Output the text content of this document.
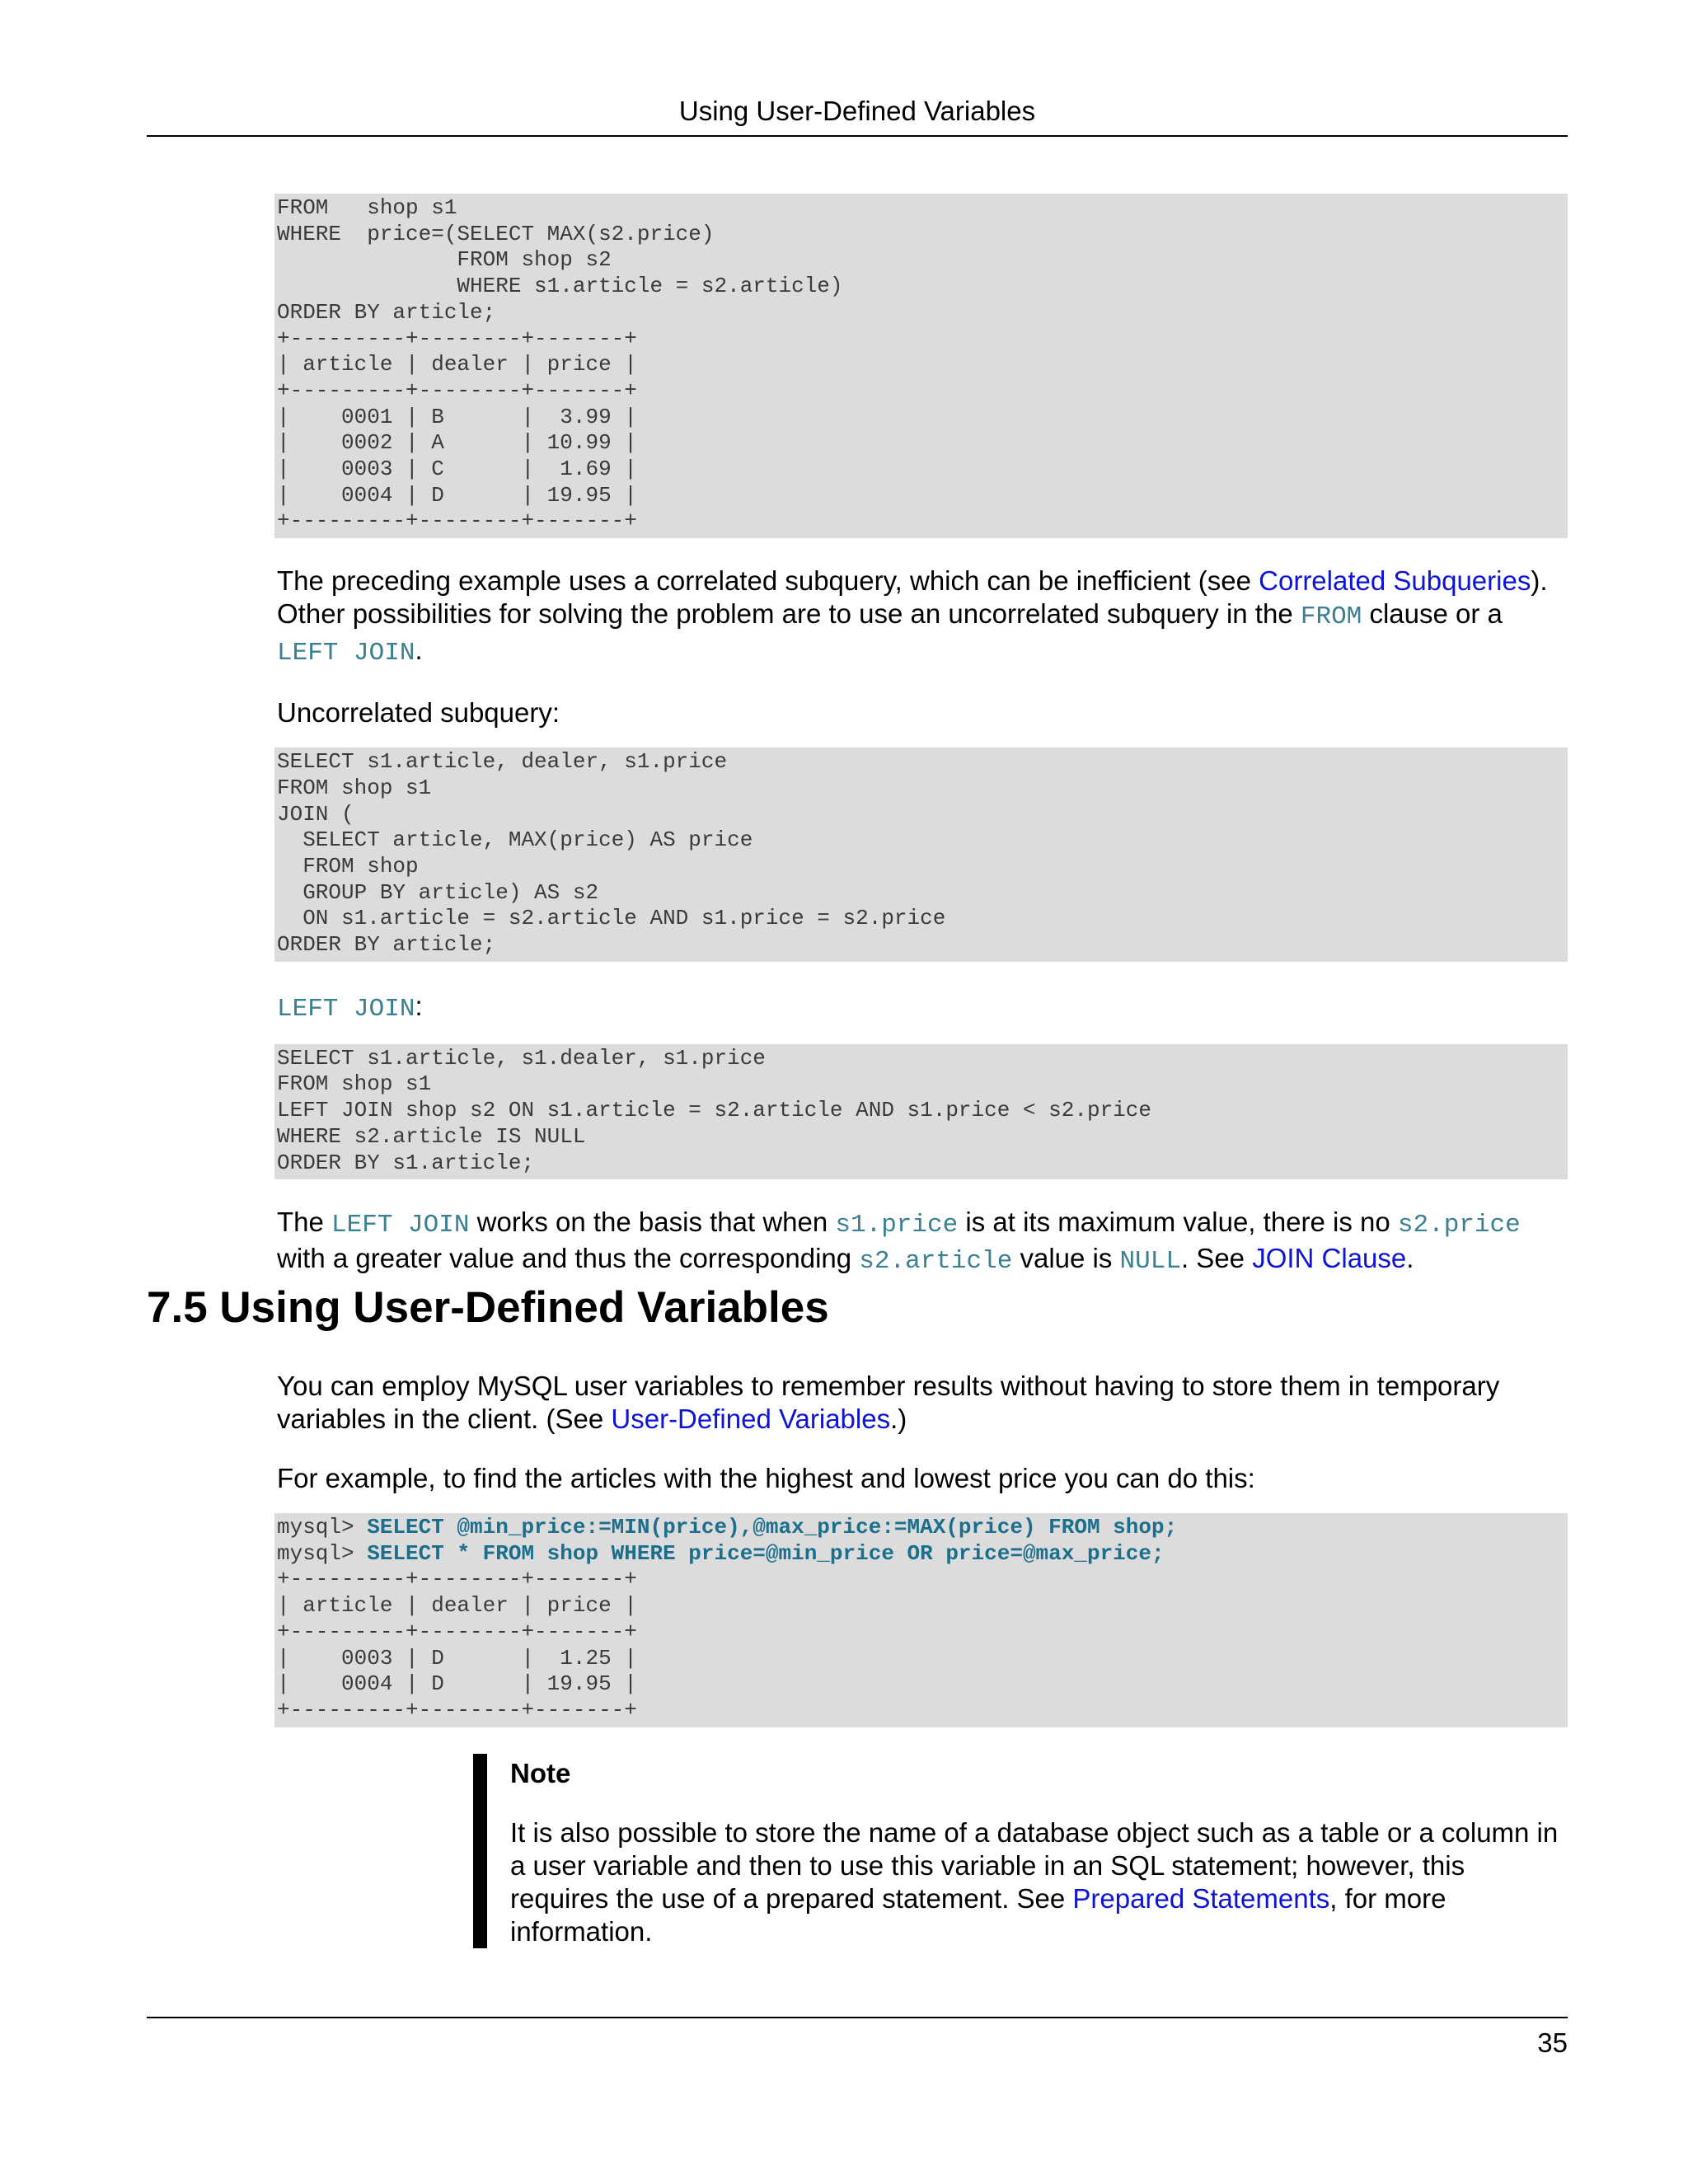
Using User-Defined Variables
FROM   shop s1
WHERE  price=(SELECT MAX(s2.price)
FROM shop s2
WHERE s1.article = s2.article)
ORDER BY article;
+---------+--------+-------+
| article | dealer | price |
+---------+--------+-------+
|    0001 | B      |  3.99 |
|    0002 | A      | 10.99 |
|    0003 | C      |  1.69 |
|    0004 | D      | 19.95 |
+---------+--------+-------+

The preceding example uses a correlated subquery, which can be inefficient (see Correlated Subqueries). Other possibilities for solving the problem are to use an uncorrelated subquery in the FROM clause or a
LEFT JOIN.

Uncorrelated subquery:

SELECT s1.article, dealer, s1.price
FROM shop s1
JOIN (
SELECT article, MAX(price) AS price
FROM shop
GROUP BY article) AS s2
ON s1.article = s2.article AND s1.price = s2.price
ORDER BY article;

LEFT JOIN:

SELECT s1.article, s1.dealer, s1.price
FROM shop s1
LEFT JOIN shop s2 ON s1.article = s2.article AND s1.price < s2.price
WHERE s2.article IS NULL
ORDER BY s1.article;

The LEFT JOIN works on the basis that when s1.price is at its maximum value, there is no s2.price
with a greater value and thus the corresponding s2.article value is NULL. See JOIN Clause.

7.5 Using User-Defined Variables

You can employ MySQL user variables to remember results without having to store them in temporary variables in the client. (See User-Defined Variables.)

For example, to find the articles with the highest and lowest price you can do this:

mysql> SELECT @min_price:=MIN(price),@max_price:=MAX(price) FROM shop;
mysql> SELECT * FROM shop WHERE price=@min_price OR price=@max_price;
+---------+--------+-------+
| article | dealer | price |
+---------+--------+-------+
|    0003 | D      |  1.25 |
|    0004 | D      | 19.95 |
+---------+--------+-------+

Note

It is also possible to store the name of a database object such as a table or a column in a user variable and then to use this variable in an SQL statement; however, this requires the use of a prepared statement. See Prepared Statements, for more information.

35
